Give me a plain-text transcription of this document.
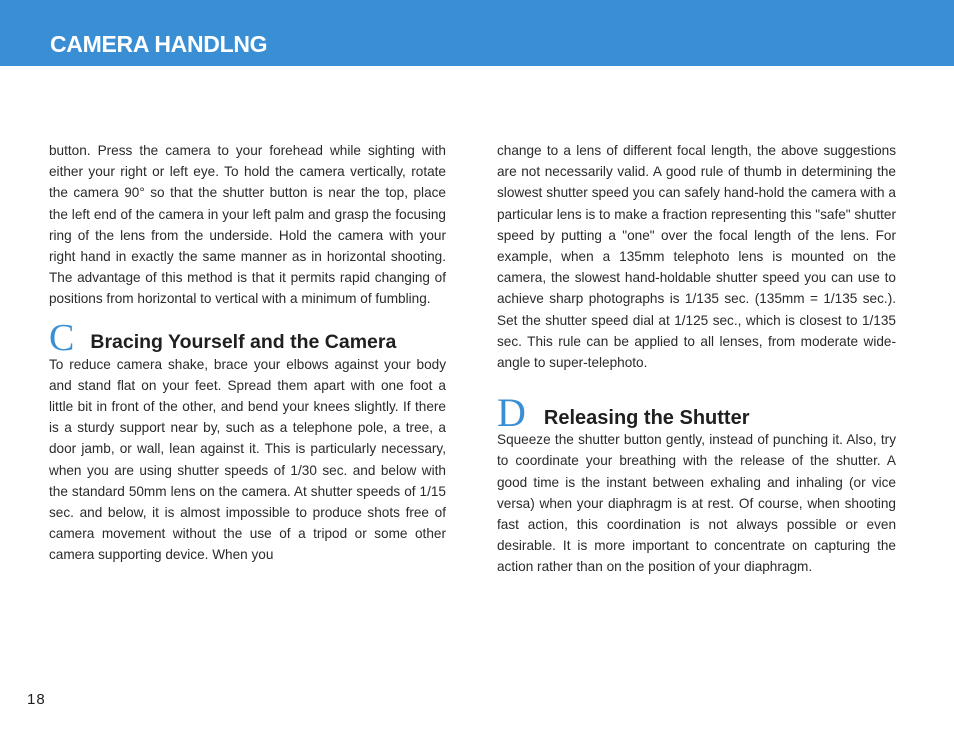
CAMERA HANDLNG

button. Press the camera to your forehead while sighting with either your right or left eye. To hold the camera vertically, rotate the camera 90° so that the shutter button is near the top, place the left end of the camera in your left palm and grasp the focusing ring of the lens from the underside. Hold the camera with your right hand in exactly the same manner as in horizontal shooting. The advantage of this method is that it permits rapid changing of positions from horizontal to vertical with a minimum of fumbling.

C Bracing Yourself and the Camera

To reduce camera shake, brace your elbows against your body and stand flat on your feet. Spread them apart with one foot a little bit in front of the other, and bend your knees slightly. If there is a sturdy support near by, such as a telephone pole, a tree, a door jamb, or wall, lean against it. This is particularly necessary, when you are using shutter speeds of 1/30 sec. and below with the standard 50mm lens on the camera. At shutter speeds of 1/15 sec. and below, it is almost impossible to produce shots free of camera movement without the use of a tripod or some other camera supporting device. When you

change to a lens of different focal length, the above suggestions are not necessarily valid. A good rule of thumb in determining the slowest shutter speed you can safely hand-hold the camera with a particular lens is to make a fraction representing this "safe" shutter speed by putting a "one" over the focal length of the lens. For example, when a 135mm telephoto lens is mounted on the camera, the slowest hand-holdable shutter speed you can use to achieve sharp photographs is 1/135 sec. (135mm = 1/135 sec.). Set the shutter speed dial at 1/125 sec., which is closest to 1/135 sec. This rule can be applied to all lenses, from moderate wide-angle to super-telephoto.

D Releasing the Shutter

Squeeze the shutter button gently, instead of punching it. Also, try to coordinate your breathing with the release of the shutter. A good time is the instant between exhaling and inhaling (or vice versa) when your diaphragm is at rest. Of course, when shooting fast action, this coordination is not always possible or even desirable. It is more important to concentrate on capturing the action rather than on the position of your diaphragm.

18
